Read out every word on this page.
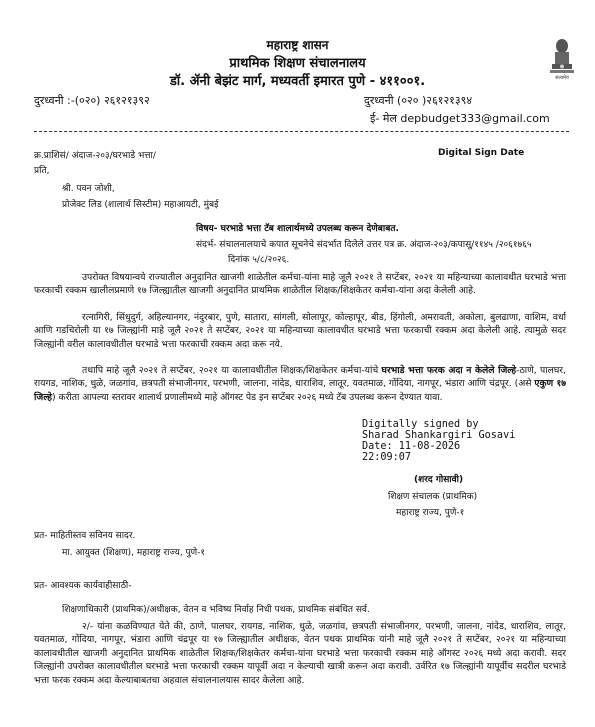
महाराष्ट्र शासन
प्राथमिक शिक्षण संचालनालय
डॉ. ॲनी बेझंट मार्ग, मध्यवर्ती इमारत पुणे - ४११००१.	सत्यमेव
दुरध्वनी :-(०२०) २६१२१३९२	दुरध्वनी (०२० )२६१२१३९४
ई- मेल depbudget333@gmail.com
क्र.प्राशिसं/ अंदाज-२०३/घरभाडे भत्ता/	Digital Sign Date
प्रति,
श्री. पवन जोशी,
प्रोजेक्ट लिड (शालार्थ सिस्टीम) महाआयटी, मुंबई
विषय- घरभाडे भत्ता टॅब शालार्थमध्ये उपलब्ध करून देणेबाबत.
संदर्भ- संचालनालयाचे कपात सूचनेचे संदर्भात दिलेले उत्तर पत्र क्र. अंदाज-२०३/कपासू/११४५ /२०६१७६५
दिनांक ५/८/२०२६.
उपरोक्त विषयान्वये राज्यातील अनुदानित खाजगी शाळेतील कर्मचा-यांना माहे जूलै २०२१ ते सप्टेंबर, २०२१ या महिन्याच्या कालावधीत घरभाडे भत्ता फरकाची रक्कम खालीलप्रमाणे १७ जिल्ह्यातील खाजगी अनुदानित प्राथमिक शाळेतील शिक्षक/शिक्षकेतर कर्मचा-यांना अदा केलेली आहे.
रत्नागिरी, सिंधुदुर्ग, अहिल्यानगर, नंदुरबार, पुणे, सातारा, सांगली, सोलापूर, कोल्हापूर, बीड, हिंगोली, अमरावती, अकोला, बुलढाणा, वाशिम, वर्धा आणि गडचिरोली या १७ जिल्ह्यांनी माहे जूलै २०२१ ते सप्टेंबर, २०२१ या महिन्याच्या कालावधीत घरभाडे भत्ता फरकाची रक्कम अदा केलेली आहे. त्यामुळे सदर जिल्ह्यांनी वरील कालावधीतील घरभाडे भत्ता फरकाची रक्कम अदा करू नये.
तथापि माहे जूलै २०२१ ते सप्टेंबर, २०२१ या कालावधीतील शिक्षक/शिक्षकेतर कर्मचा-यांचे घरभाडे भत्ता फरक अदा न केलेले जिल्हे-ठाणे, पालघर, रायगड, नाशिक, धुळे, जळगांव, छत्रपती संभाजीनगर, परभणी, जालना, नांदेड, धाराशिव, लातूर, यवतमाळ, गोंदिया, नागपूर, भंडारा आणि चंद्रपूर. (असे एकुण १७ जिल्हे) करीता आपल्या स्तरावर शालार्थ प्रणालीमध्ये माहे ऑगस्ट पेड इन सप्टेंबर २०२६ मध्ये टॅब उपलब्ध करून देण्यात यावा.
Digitally signed by
Sharad Shankargiri Gosavi
Date: 11-08-2026
22:09:07
(शरद गोसावी)
शिक्षण संचालक (प्राथमिक)
महाराष्ट्र राज्य, पुणे-१
प्रत- माहितीस्तव सविनय सादर.
मा. आयुक्त (शिक्षण), महाराष्ट्र राज्य, पुणे-१
प्रत- आवश्यक कार्यवाहीसाठी-
शिक्षणाधिकारी (प्राथमिक)/अधीक्षक, वेतन व भविष्य निर्वाह निधी पथक, प्राथमिक संबंधित सर्व.
२/- यांना कळविण्यात येते की, ठाणे, पालघर, रायगड, नाशिक, धुळे, जळगांव, छत्रपती संभाजीनगर, परभणी, जालना, नांदेड, धाराशिव, लातूर, यवतमाळ, गोंदिया, नागपूर, भंडारा आणि चंद्रपूर या १७ जिल्ह्यातील अधीक्षक, वेतन पथक प्राथमिक यांनी माहे जूलै २०२१ ते सप्टेंबर, २०२१ या महिन्याच्या कालावधीतील खाजगी अनुदानित प्राथमिक शाळेतील शिक्षक/शिक्षकेतर कर्मचा-यांना घरभाडे भत्ता फरकाची रक्कम माहे ऑगस्ट २०२६ मध्ये अदा करावी. सदर जिल्ह्यांनी उपरोक्त कालावधीतील घरभाडे भत्ता फरकाची रक्कम यापूर्वी अदा न केल्याची खात्री करून अदा करावी. उर्वरित १७ जिल्ह्यांनी यापूर्वीच सदरील घरभाडे भत्ता फरक रक्कम अदा केल्याबाबतचा अहवाल संचालनालयास सादर केलेला आहे.
